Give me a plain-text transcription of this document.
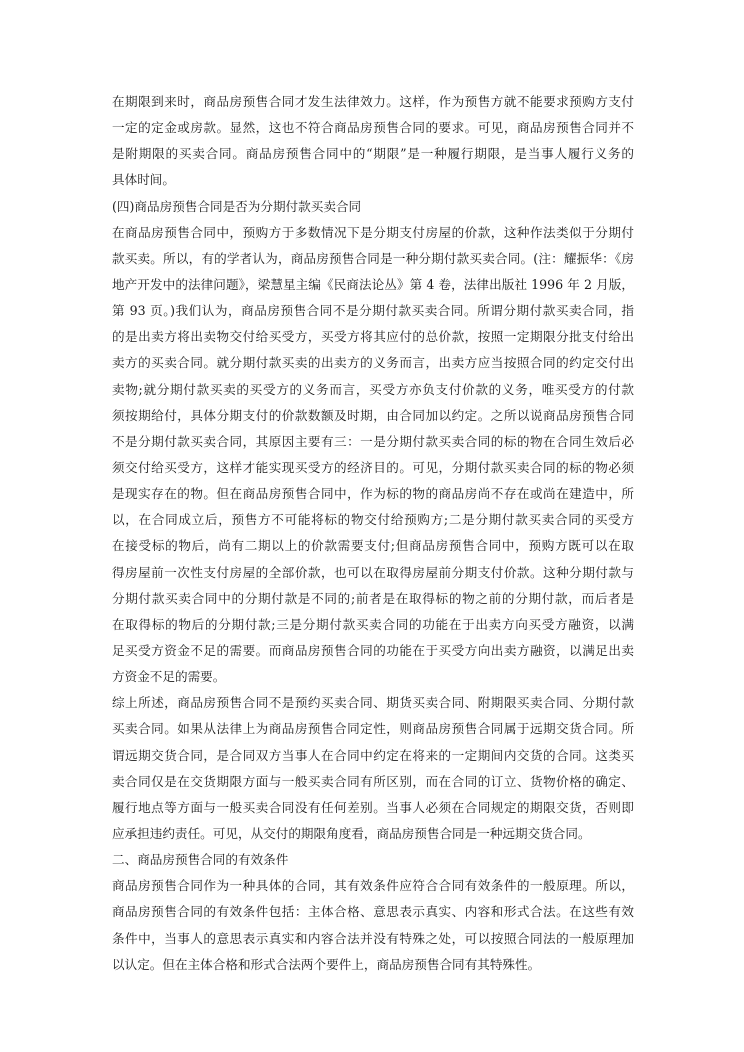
在期限到来时，商品房预售合同才发生法律效力。这样，作为预售方就不能要求预购方支付
一定的定金或房款。显然，这也不符合商品房预售合同的要求。可见，商品房预售合同并不
是附期限的买卖合同。商品房预售合同中的“期限”是一种履行期限，是当事人履行义务的
具体时间。
(四)商品房预售合同是否为分期付款买卖合同
在商品房预售合同中，预购方于多数情况下是分期支付房屋的价款，这种作法类似于分期付
款买卖。所以，有的学者认为，商品房预售合同是一种分期付款买卖合同。(注：耀振华：《房
地产开发中的法律问题》，梁慧星主编《民商法论丛》第 4 卷，法律出版社 1996 年 2 月版，
第 93 页。)我们认为，商品房预售合同不是分期付款买卖合同。所谓分期付款买卖合同，指
的是出卖方将出卖物交付给买受方，买受方将其应付的总价款，按照一定期限分批支付给出
卖方的买卖合同。就分期付款买卖的出卖方的义务而言，出卖方应当按照合同的约定交付出
卖物;就分期付款买卖的买受方的义务而言，买受方亦负支付价款的义务，唯买受方的付款
须按期给付，具体分期支付的价款数额及时期，由合同加以约定。之所以说商品房预售合同
不是分期付款买卖合同，其原因主要有三：一是分期付款买卖合同的标的物在合同生效后必
须交付给买受方，这样才能实现买受方的经济目的。可见，分期付款买卖合同的标的物必须
是现实存在的物。但在商品房预售合同中，作为标的物的商品房尚不存在或尚在建造中，所
以，在合同成立后，预售方不可能将标的物交付给预购方;二是分期付款买卖合同的买受方
在接受标的物后，尚有二期以上的价款需要支付;但商品房预售合同中，预购方既可以在取
得房屋前一次性支付房屋的全部价款，也可以在取得房屋前分期支付价款。这种分期付款与
分期付款买卖合同中的分期付款是不同的;前者是在取得标的物之前的分期付款，而后者是
在取得标的物后的分期付款;三是分期付款买卖合同的功能在于出卖方向买受方融资，以满
足买受方资金不足的需要。而商品房预售合同的功能在于买受方向出卖方融资，以满足出卖
方资金不足的需要。
综上所述，商品房预售合同不是预约买卖合同、期货买卖合同、附期限买卖合同、分期付款
买卖合同。如果从法律上为商品房预售合同定性，则商品房预售合同属于远期交货合同。所
谓远期交货合同，是合同双方当事人在合同中约定在将来的一定期间内交货的合同。这类买
卖合同仅是在交货期限方面与一般买卖合同有所区别，而在合同的订立、货物价格的确定、
履行地点等方面与一般买卖合同没有任何差别。当事人必须在合同规定的期限交货，否则即
应承担违约责任。可见，从交付的期限角度看，商品房预售合同是一种远期交货合同。
二、商品房预售合同的有效条件
商品房预售合同作为一种具体的合同，其有效条件应符合合同有效条件的一般原理。所以，
商品房预售合同的有效条件包括：主体合格、意思表示真实、内容和形式合法。在这些有效
条件中，当事人的意思表示真实和内容合法并没有特殊之处，可以按照合同法的一般原理加
以认定。但在主体合格和形式合法两个要件上，商品房预售合同有其特殊性。
